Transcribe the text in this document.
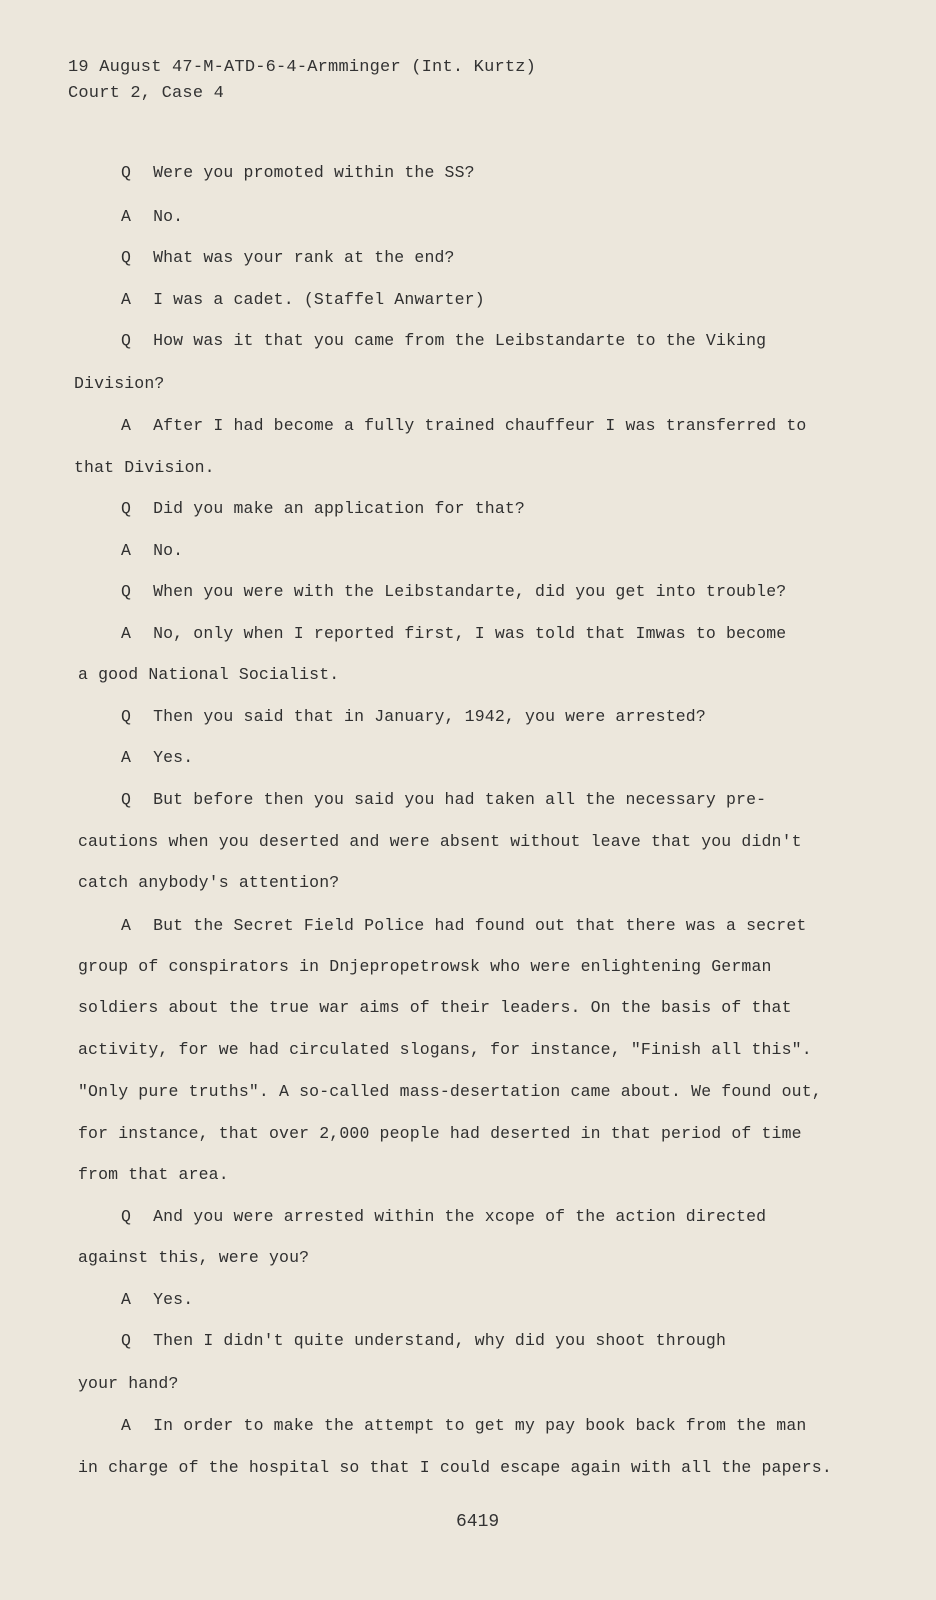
19 August 47-M-ATD-6-4-Armminger (Int. Kurtz)
Court 2, Case 4
Q Were you promoted within the SS?
A No.
Q What was your rank at the end?
A I was a cadet. (Staffel Anwarter)
Q How was it that you came from the Leibstandarte to the Viking
Division?
A After I had become a fully trained chauffeur I was transferred to
that Division.
Q Did you make an application for that?
A No.
Q When you were with the Leibstandarte, did you get into trouble?
A No, only when I reported first, I was told that Imwas to become
a good National Socialist.
Q Then you said that in January, 1942, you were arrested?
A Yes.
Q But before then you said you had taken all the necessary pre-
cautions when you deserted and were absent without leave that you didn't
catch anybody's attention?
A But the Secret Field Police had found out that there was a secret
group of conspirators in Dnjepropetrowsk who were enlightening German
soldiers about the true war aims of their leaders. On the basis of that
activity, for we had circulated slogans, for instance, "Finish all this".
"Only pure truths". A so-called mass-desertation came about. We found out,
for instance, that over 2,000 people had deserted in that period of time
from that area.
Q And you were arrested within the xcope of the action directed
against this, were you?
A Yes.
Q Then I didn't quite understand, why did you shoot through
your hand?
A In order to make the attempt to get my pay book back from the man
in charge of the hospital so that I could escape again with all the papers.
6419
